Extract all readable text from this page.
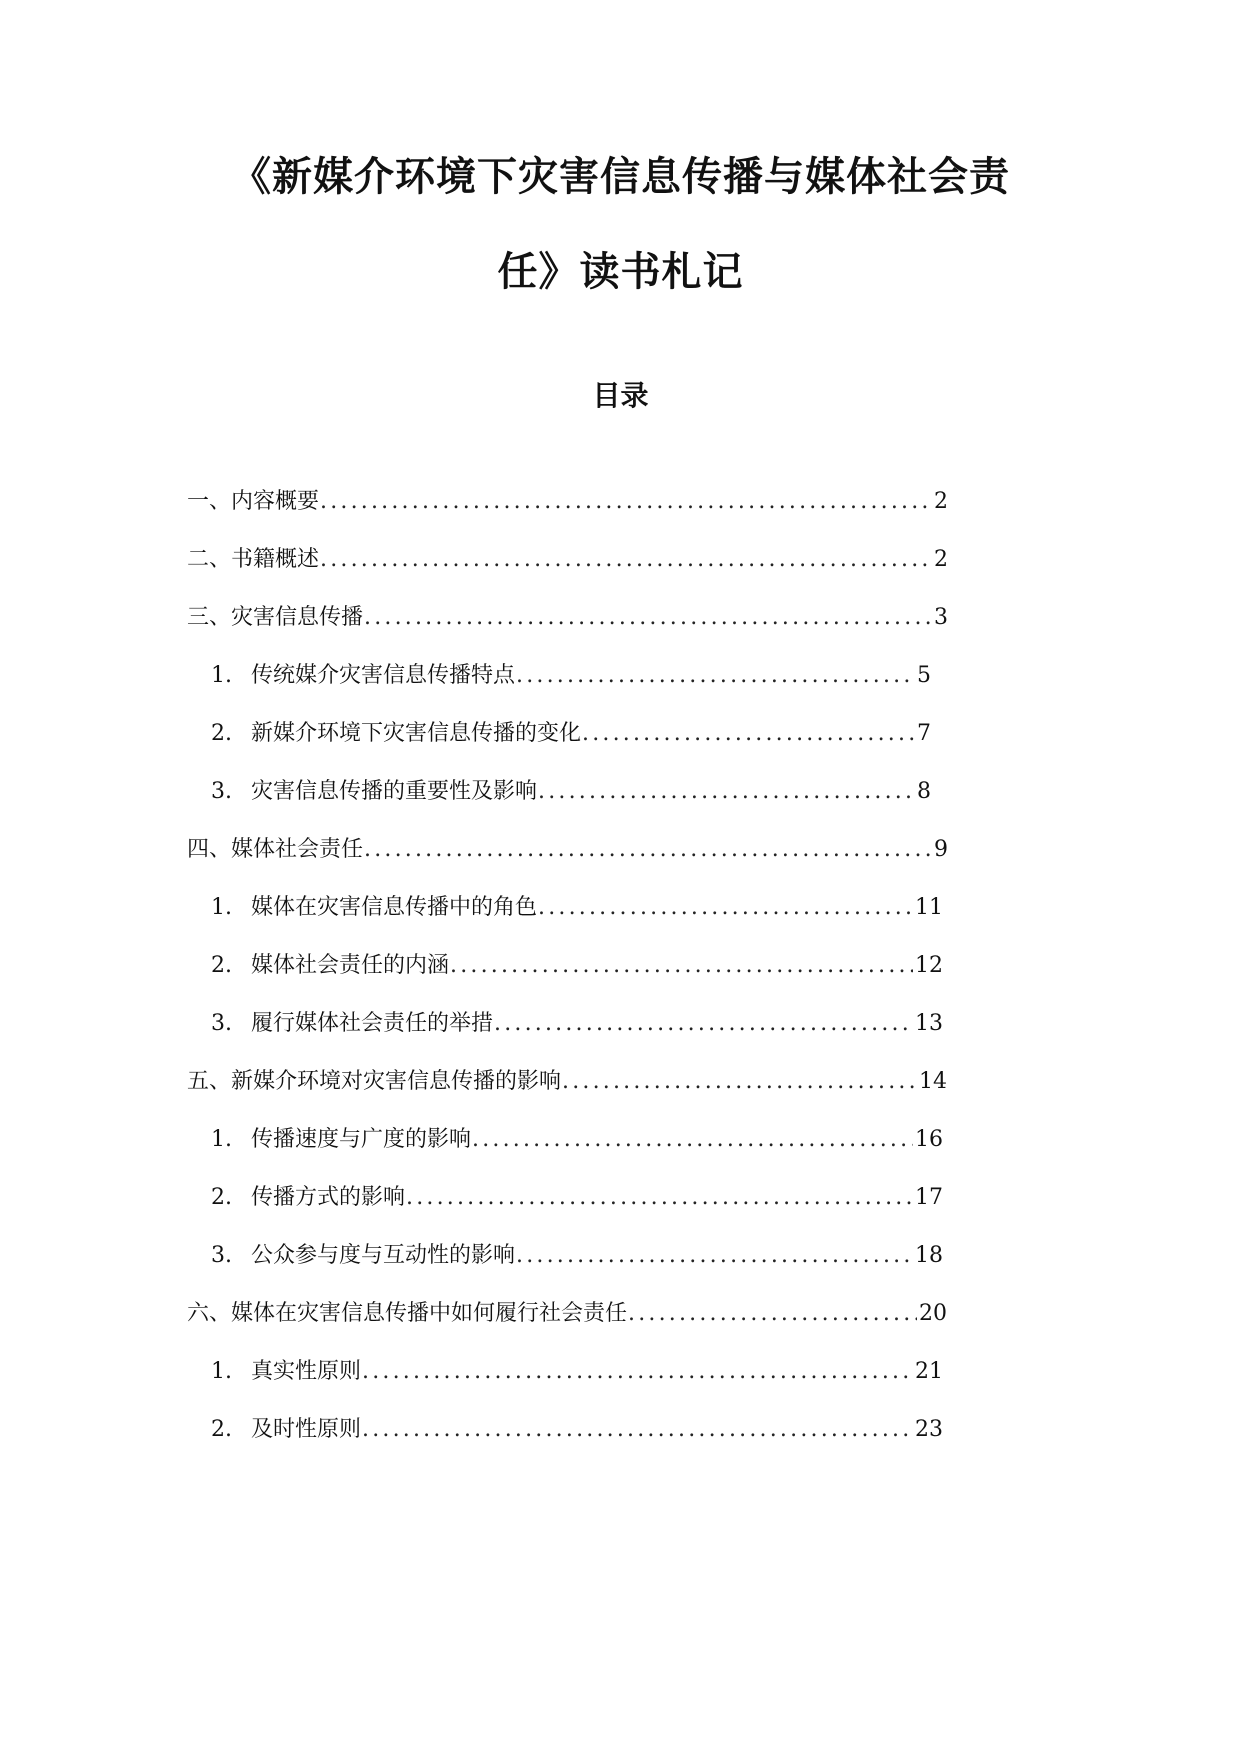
《新媒介环境下灾害信息传播与媒体社会责
任》读书札记
目录
一、内容概要 .....	2
二、书籍概述 .....	2
三、灾害信息传播 .....	3
1. 传统媒介灾害信息传播特点 .....	5
2. 新媒介环境下灾害信息传播的变化 .....	7
3. 灾害信息传播的重要性及影响 .....	8
四、媒体社会责任 .....	9
1. 媒体在灾害信息传播中的角色 .....	11
2. 媒体社会责任的内涵 .....	12
3. 履行媒体社会责任的举措 .....	13
五、新媒介环境对灾害信息传播的影响 .....	14
1. 传播速度与广度的影响 .....	16
2. 传播方式的影响 .....	17
3. 公众参与度与互动性的影响 .....	18
六、媒体在灾害信息传播中如何履行社会责任 .....	20
1. 真实性原则 .....	21
2. 及时性原则 .....	23
